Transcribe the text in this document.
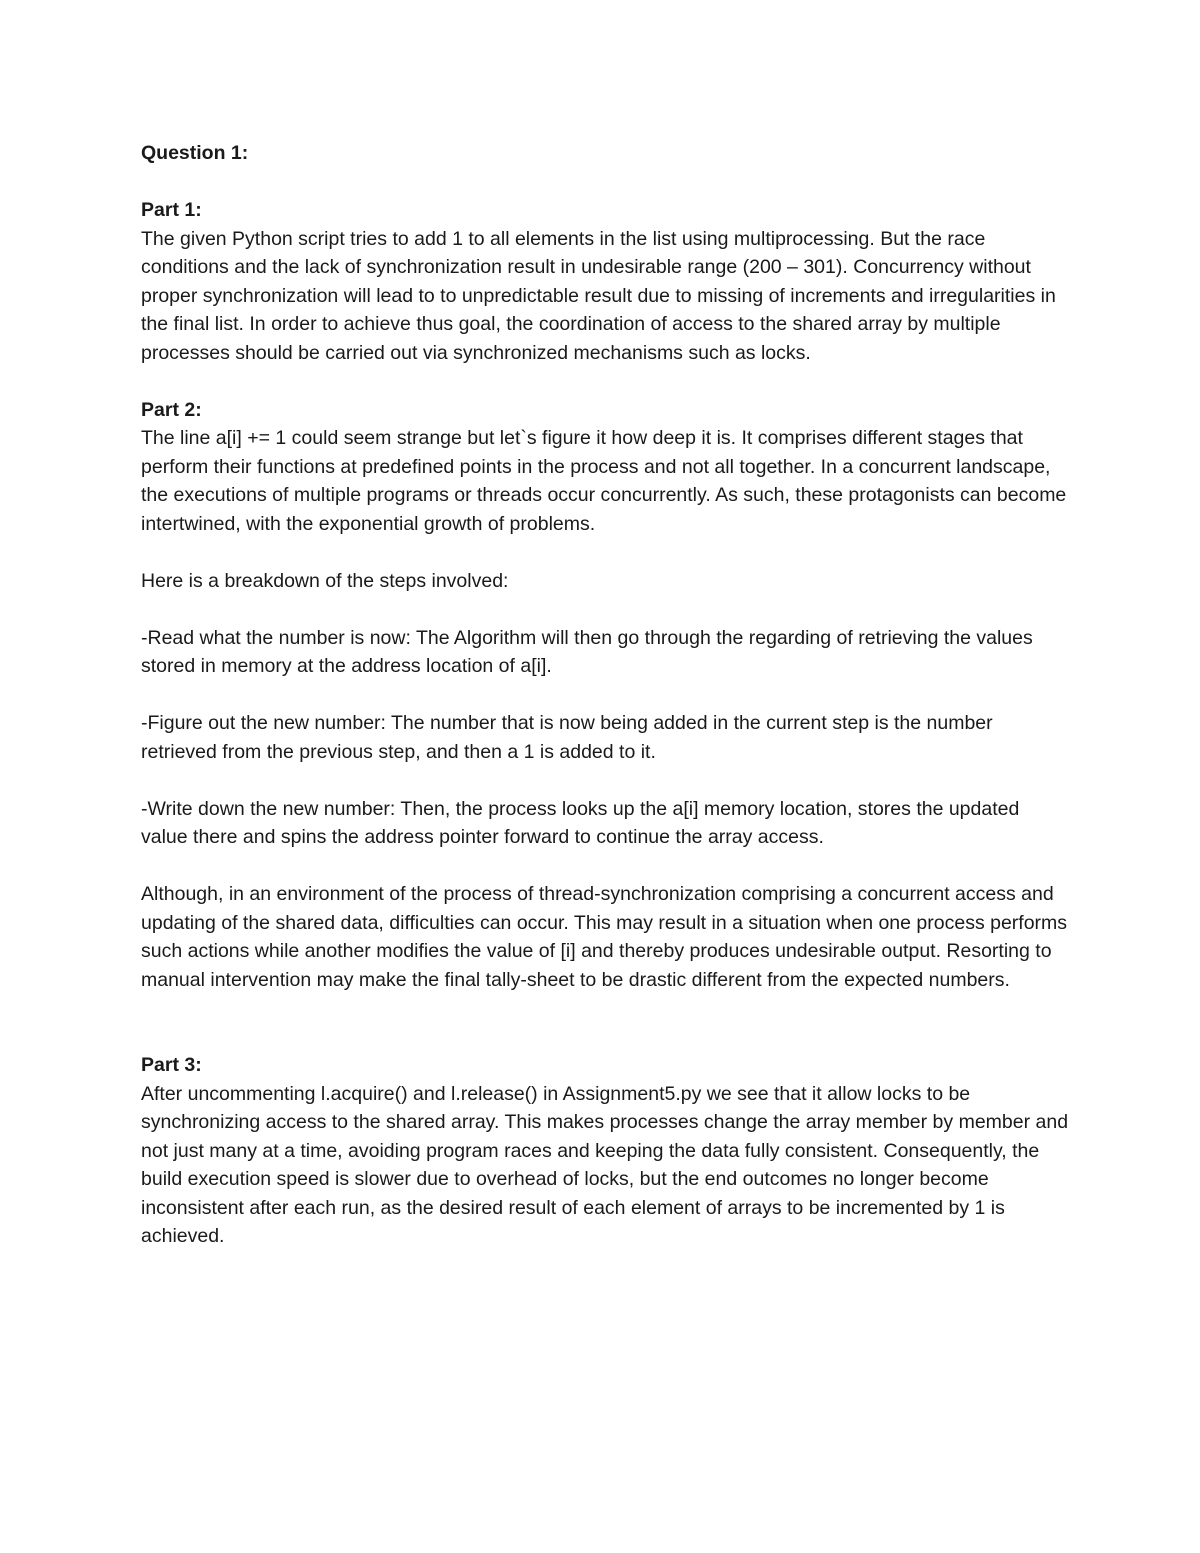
Question 1:

Part 1:

The given Python script tries to add 1 to all elements in the list using multiprocessing. But the race conditions and the lack of synchronization result in undesirable range (200 – 301). Concurrency without proper synchronization will lead to to unpredictable result due to missing of increments and irregularities in the final list. In order to achieve thus goal, the coordination of access to the shared array by multiple processes should be carried out via synchronized mechanisms such as locks.

Part 2:

The line a[i] += 1 could seem strange but let`s figure it how deep it is. It comprises different stages that perform their functions at predefined points in the process and not all together. In a concurrent landscape, the executions of multiple programs or threads occur concurrently. As such, these protagonists can become intertwined, with the exponential growth of problems.

Here is a breakdown of the steps involved:

-Read what the number is now: The Algorithm will then go through the regarding of retrieving the values stored in memory at the address location of a[i].

-Figure out the new number: The number that is now being added in the current step is the number retrieved from the previous step, and then a 1 is added to it.

-Write down the new number: Then, the process looks up the a[i] memory location, stores the updated value there and spins the address pointer forward to continue the array access.

Although, in an environment of the process of thread-synchronization comprising a concurrent access and updating of the shared data, difficulties can occur. This may result in a situation when one process performs such actions while another modifies the value of [i] and thereby produces undesirable output. Resorting to manual intervention may make the final tally-sheet to be drastic different from the expected numbers.

Part 3:

After uncommenting l.acquire() and l.release() in Assignment5.py we see that it allow locks to be synchronizing access to the shared array. This makes processes change the array member by member and not just many at a time, avoiding program races and keeping the data fully consistent. Consequently, the build execution speed is slower due to overhead of locks, but the end outcomes no longer become inconsistent after each run, as the desired result of each element of arrays to be incremented by 1 is achieved.
